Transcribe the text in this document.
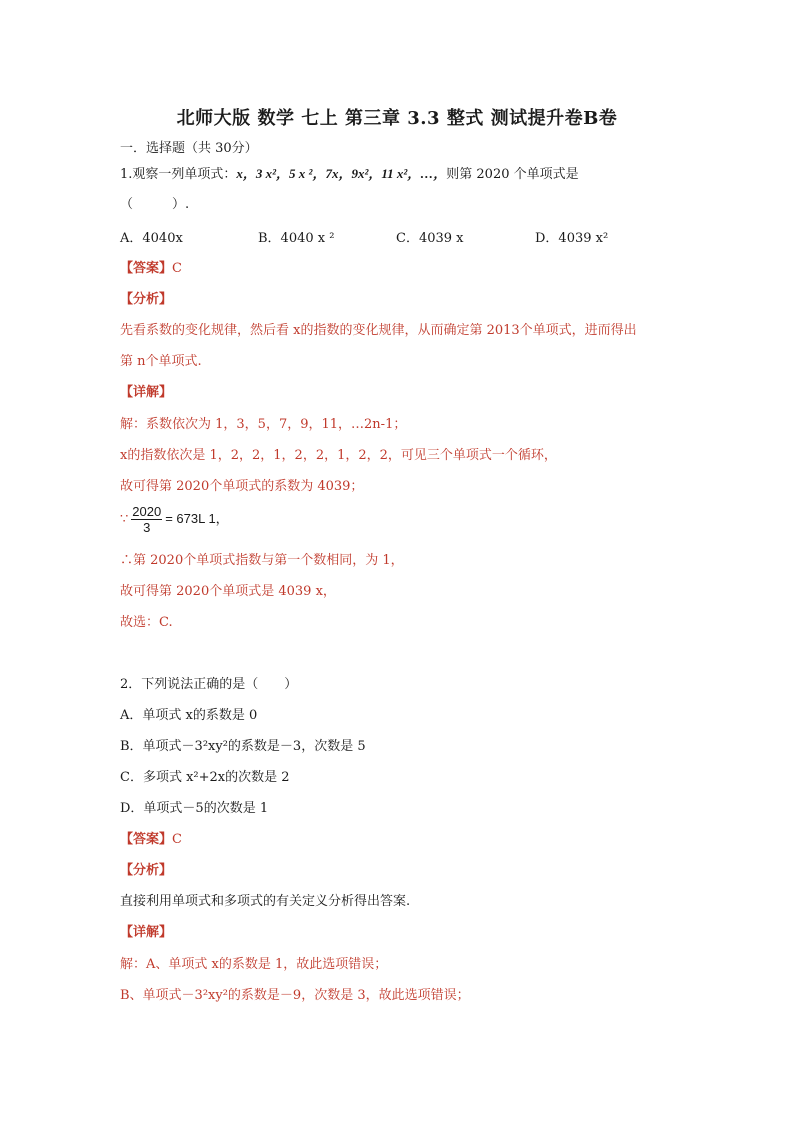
北师大版 数学 七上 第三章 3.3 整式 测试提升卷B卷
一．选择题（共 30分）
1.观察一列单项式：x，3 x²，5 x ²，7x，9x²，11 x²，…，则第 2020 个单项式是
（　　　）.
A．4040x	B．4040 x ²	C．4039 x	D．4039 x²
【答案】C
【分析】
先看系数的变化规律，然后看 x的指数的变化规律，从而确定第 2013个单项式，进而得出
第 n个单项式.
【详解】
解：系数依次为 1，3，5，7，9，11，…2n-1；
x的指数依次是 1，2，2，1，2，2，1，2，2，可见三个单项式一个循环，
故可得第 2020个单项式的系数为 4039；
∵ $\frac{2020}{3} = 673L$ 1，
∴第 2020个单项式指数与第一个数相同，为 1，
故可得第 2020个单项式是 4039 x，
故选：C.
2．下列说法正确的是（　　）
A．单项式 x的系数是 0
B．单项式－3²xy²的系数是－3，次数是 5
C．多项式 x²+2x的次数是 2
D．单项式－5的次数是 1
【答案】C
【分析】
直接利用单项式和多项式的有关定义分析得出答案.
【详解】
解：A、单项式 x的系数是 1，故此选项错误；
B、单项式－3²xy²的系数是－9，次数是 3，故此选项错误；
